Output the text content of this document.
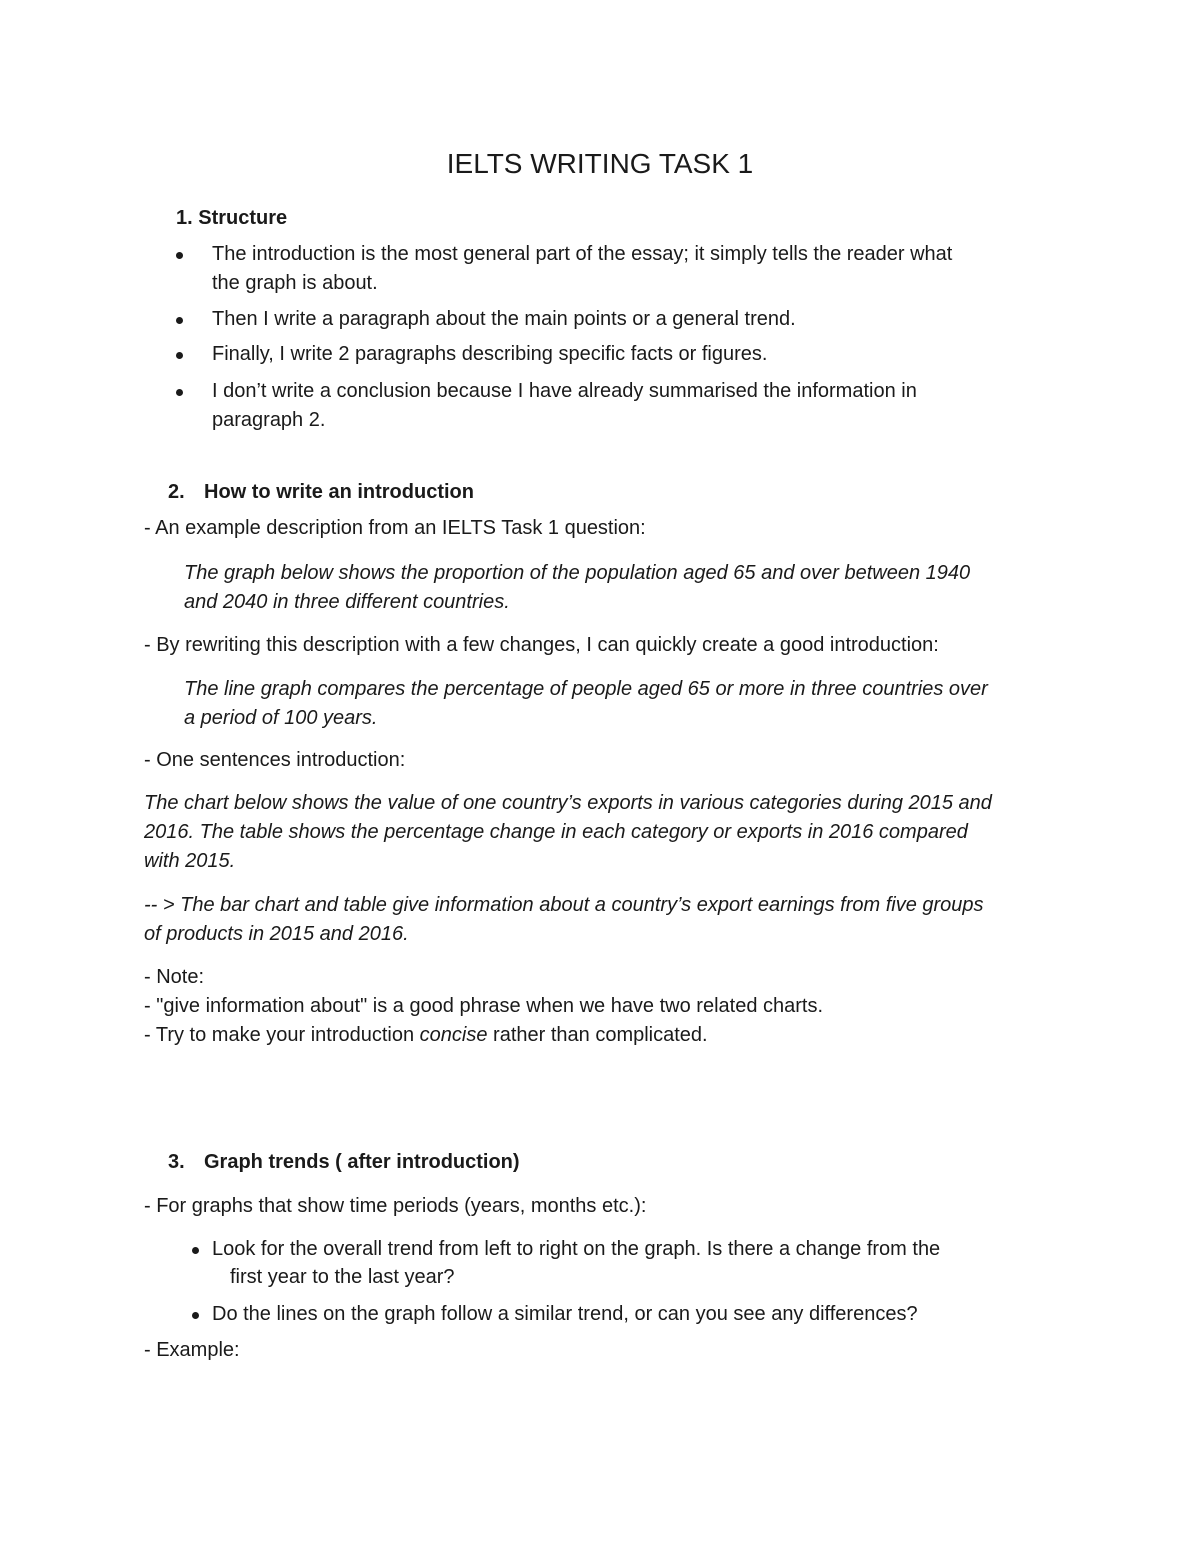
IELTS WRITING TASK 1
1. Structure
The introduction is the most general part of the essay; it simply tells the reader what
the graph is about.
Then I write a paragraph about the main points or a general trend.
Finally, I write 2 paragraphs describing specific facts or figures.
I don’t write a conclusion because I have already summarised the information in
paragraph 2.
2. How to write an introduction
- An example description from an IELTS Task 1 question:
The graph below shows the proportion of the population aged 65 and over between 1940
and 2040 in three different countries.
- By rewriting this description with a few changes, I can quickly create a good introduction:
The line graph compares the percentage of people aged 65 or more in three countries over
a period of 100 years.
- One sentences introduction:
The chart below shows the value of one country’s exports in various categories during 2015 and
2016. The table shows the percentage change in each category or exports in 2016 compared
with 2015.
-- > The bar chart and table give information about a country’s export earnings from five groups
of products in 2015 and 2016.
- Note:
- "give information about" is a good phrase when we have two related charts.
- Try to make your introduction concise rather than complicated.
3. Graph trends ( after introduction)
- For graphs that show time periods (years, months etc.):
Look for the overall trend from left to right on the graph. Is there a change from the
first year to the last year?
Do the lines on the graph follow a similar trend, or can you see any differences?
- Example:
